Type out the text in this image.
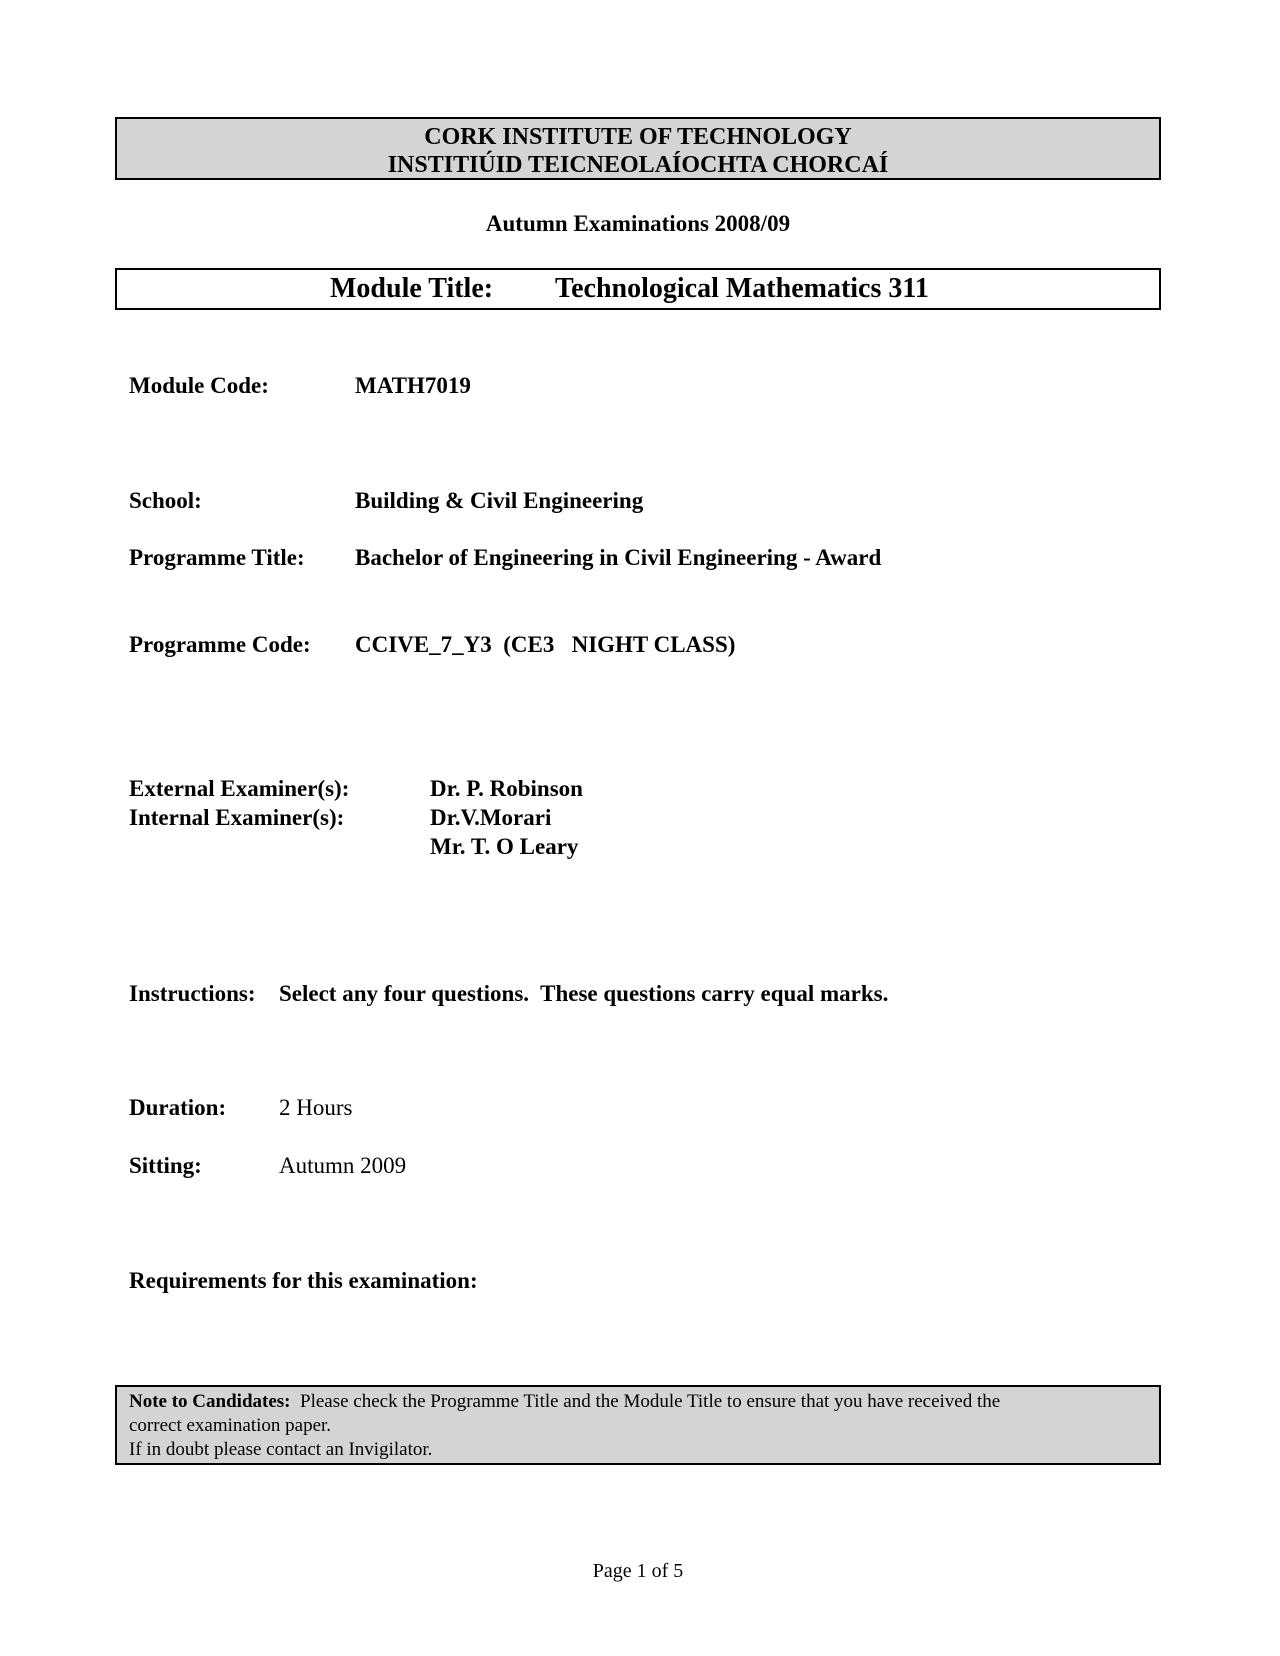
CORK INSTITUTE OF TECHNOLOGY
INSTITIÚID TEICNEOLAÍOCHTA CHORCAÍ
Autumn Examinations 2008/09
Module Title: Technological Mathematics 311
Module Code:	MATH7019
School:	Building & Civil Engineering
Programme Title: Bachelor of Engineering in Civil Engineering - Award
Programme Code: CCIVE_7_Y3  (CE3   NIGHT CLASS)
External Examiner(s):	Dr. P. Robinson
Internal Examiner(s):	Dr.V.Morari
Mr. T. O Leary
Instructions: Select any four questions.  These questions carry equal marks.
Duration: 2 Hours
Sitting:	Autumn 2009
Requirements for this examination:
Note to Candidates: Please check the Programme Title and the Module Title to ensure that you have received the
correct examination paper.
If in doubt please contact an Invigilator.
Page 1 of 5
